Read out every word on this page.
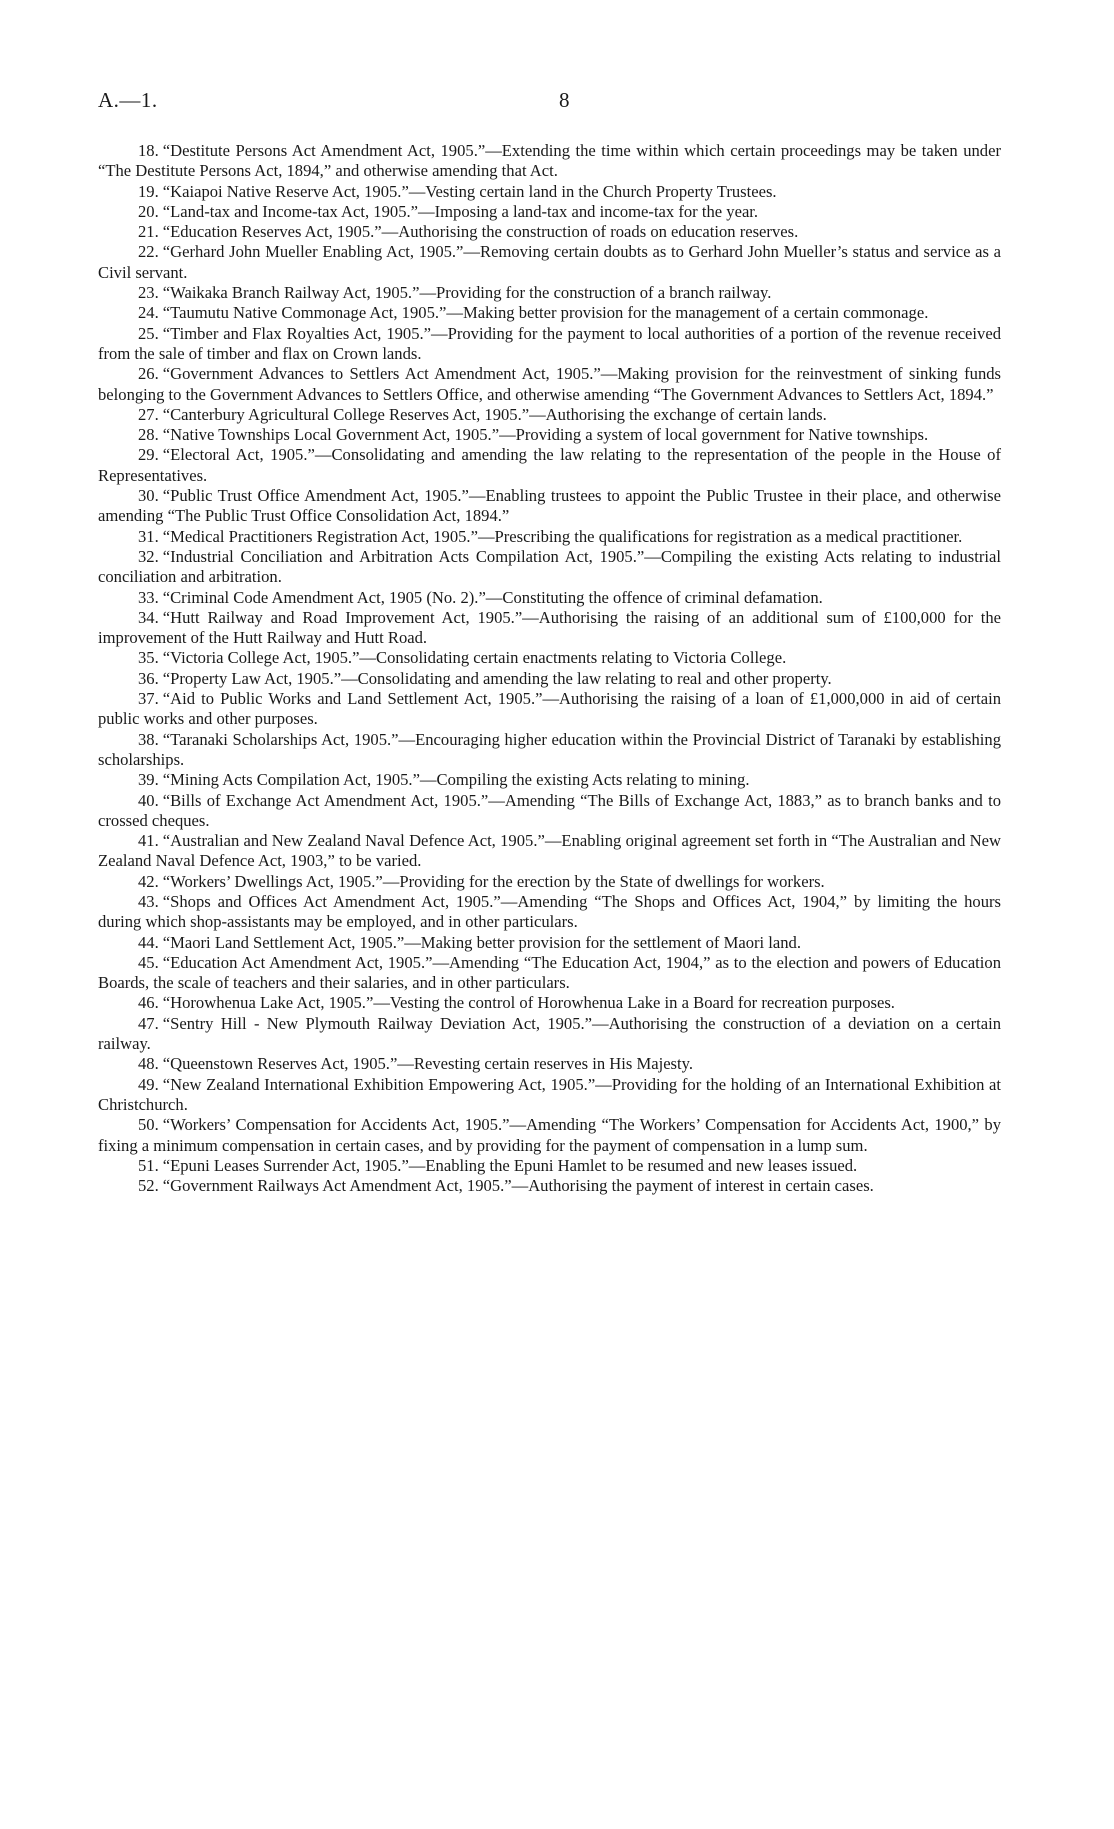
A.—1.	8

18. “Destitute Persons Act Amendment Act, 1905.”—Extending the time within which certain proceedings may be taken under “The Destitute Persons Act, 1894,” and otherwise amending that Act.

19. “Kaiapoi Native Reserve Act, 1905.”—Vesting certain land in the Church Property Trustees.

20. “Land-tax and Income-tax Act, 1905.”—Imposing a land-tax and income-tax for the year.

21. “Education Reserves Act, 1905.”—Authorising the construction of roads on education reserves.

22. “Gerhard John Mueller Enabling Act, 1905.”—Removing certain doubts as to Gerhard John Mueller’s status and service as a Civil servant.

23. “Waikaka Branch Railway Act, 1905.”—Providing for the construction of a branch railway.

24. “Taumutu Native Commonage Act, 1905.”—Making better provision for the management of a certain commonage.

25. “Timber and Flax Royalties Act, 1905.”—Providing for the payment to local authorities of a portion of the revenue received from the sale of timber and flax on Crown lands.

26. “Government Advances to Settlers Act Amendment Act, 1905.”—Making provision for the reinvestment of sinking funds belonging to the Government Advances to Settlers Office, and otherwise amending “The Government Advances to Settlers Act, 1894.”

27. “Canterbury Agricultural College Reserves Act, 1905.”—Authorising the exchange of certain lands.

28. “Native Townships Local Government Act, 1905.”—Providing a system of local government for Native townships.

29. “Electoral Act, 1905.”—Consolidating and amending the law relating to the representation of the people in the House of Representatives.

30. “Public Trust Office Amendment Act, 1905.”—Enabling trustees to appoint the Public Trustee in their place, and otherwise amending “The Public Trust Office Consolidation Act, 1894.”

31. “Medical Practitioners Registration Act, 1905.”—Prescribing the qualifications for registration as a medical practitioner.

32. “Industrial Conciliation and Arbitration Acts Compilation Act, 1905.”—Compiling the existing Acts relating to industrial conciliation and arbitration.

33. “Criminal Code Amendment Act, 1905 (No. 2).”—Constituting the offence of criminal defamation.

34. “Hutt Railway and Road Improvement Act, 1905.”—Authorising the raising of an additional sum of £100,000 for the improvement of the Hutt Railway and Hutt Road.

35. “Victoria College Act, 1905.”—Consolidating certain enactments relating to Victoria College.

36. “Property Law Act, 1905.”—Consolidating and amending the law relating to real and other property.

37. “Aid to Public Works and Land Settlement Act, 1905.”—Authorising the raising of a loan of £1,000,000 in aid of certain public works and other purposes.

38. “Taranaki Scholarships Act, 1905.”—Encouraging higher education within the Provincial District of Taranaki by establishing scholarships.

39. “Mining Acts Compilation Act, 1905.”—Compiling the existing Acts relating to mining.

40. “Bills of Exchange Act Amendment Act, 1905.”—Amending “The Bills of Exchange Act, 1883,” as to branch banks and to crossed cheques.

41. “Australian and New Zealand Naval Defence Act, 1905.”—Enabling original agreement set forth in “The Australian and New Zealand Naval Defence Act, 1903,” to be varied.

42. “Workers’ Dwellings Act, 1905.”—Providing for the erection by the State of dwellings for workers.

43. “Shops and Offices Act Amendment Act, 1905.”—Amending “The Shops and Offices Act, 1904,” by limiting the hours during which shop-assistants may be employed, and in other particulars.

44. “Maori Land Settlement Act, 1905.”—Making better provision for the settlement of Maori land.

45. “Education Act Amendment Act, 1905.”—Amending “The Education Act, 1904,” as to the election and powers of Education Boards, the scale of teachers and their salaries, and in other particulars.

46. “Horowhenua Lake Act, 1905.”—Vesting the control of Horowhenua Lake in a Board for recreation purposes.

47. “Sentry Hill - New Plymouth Railway Deviation Act, 1905.”—Authorising the construction of a deviation on a certain railway.

48. “Queenstown Reserves Act, 1905.”—Revesting certain reserves in His Majesty.

49. “New Zealand International Exhibition Empowering Act, 1905.”—Providing for the holding of an International Exhibition at Christchurch.

50. “Workers’ Compensation for Accidents Act, 1905.”—Amending “The Workers’ Compensation for Accidents Act, 1900,” by fixing a minimum compensation in certain cases, and by providing for the payment of compensation in a lump sum.

51. “Epuni Leases Surrender Act, 1905.”—Enabling the Epuni Hamlet to be resumed and new leases issued.

52. “Government Railways Act Amendment Act, 1905.”—Authorising the payment of interest in certain cases.
